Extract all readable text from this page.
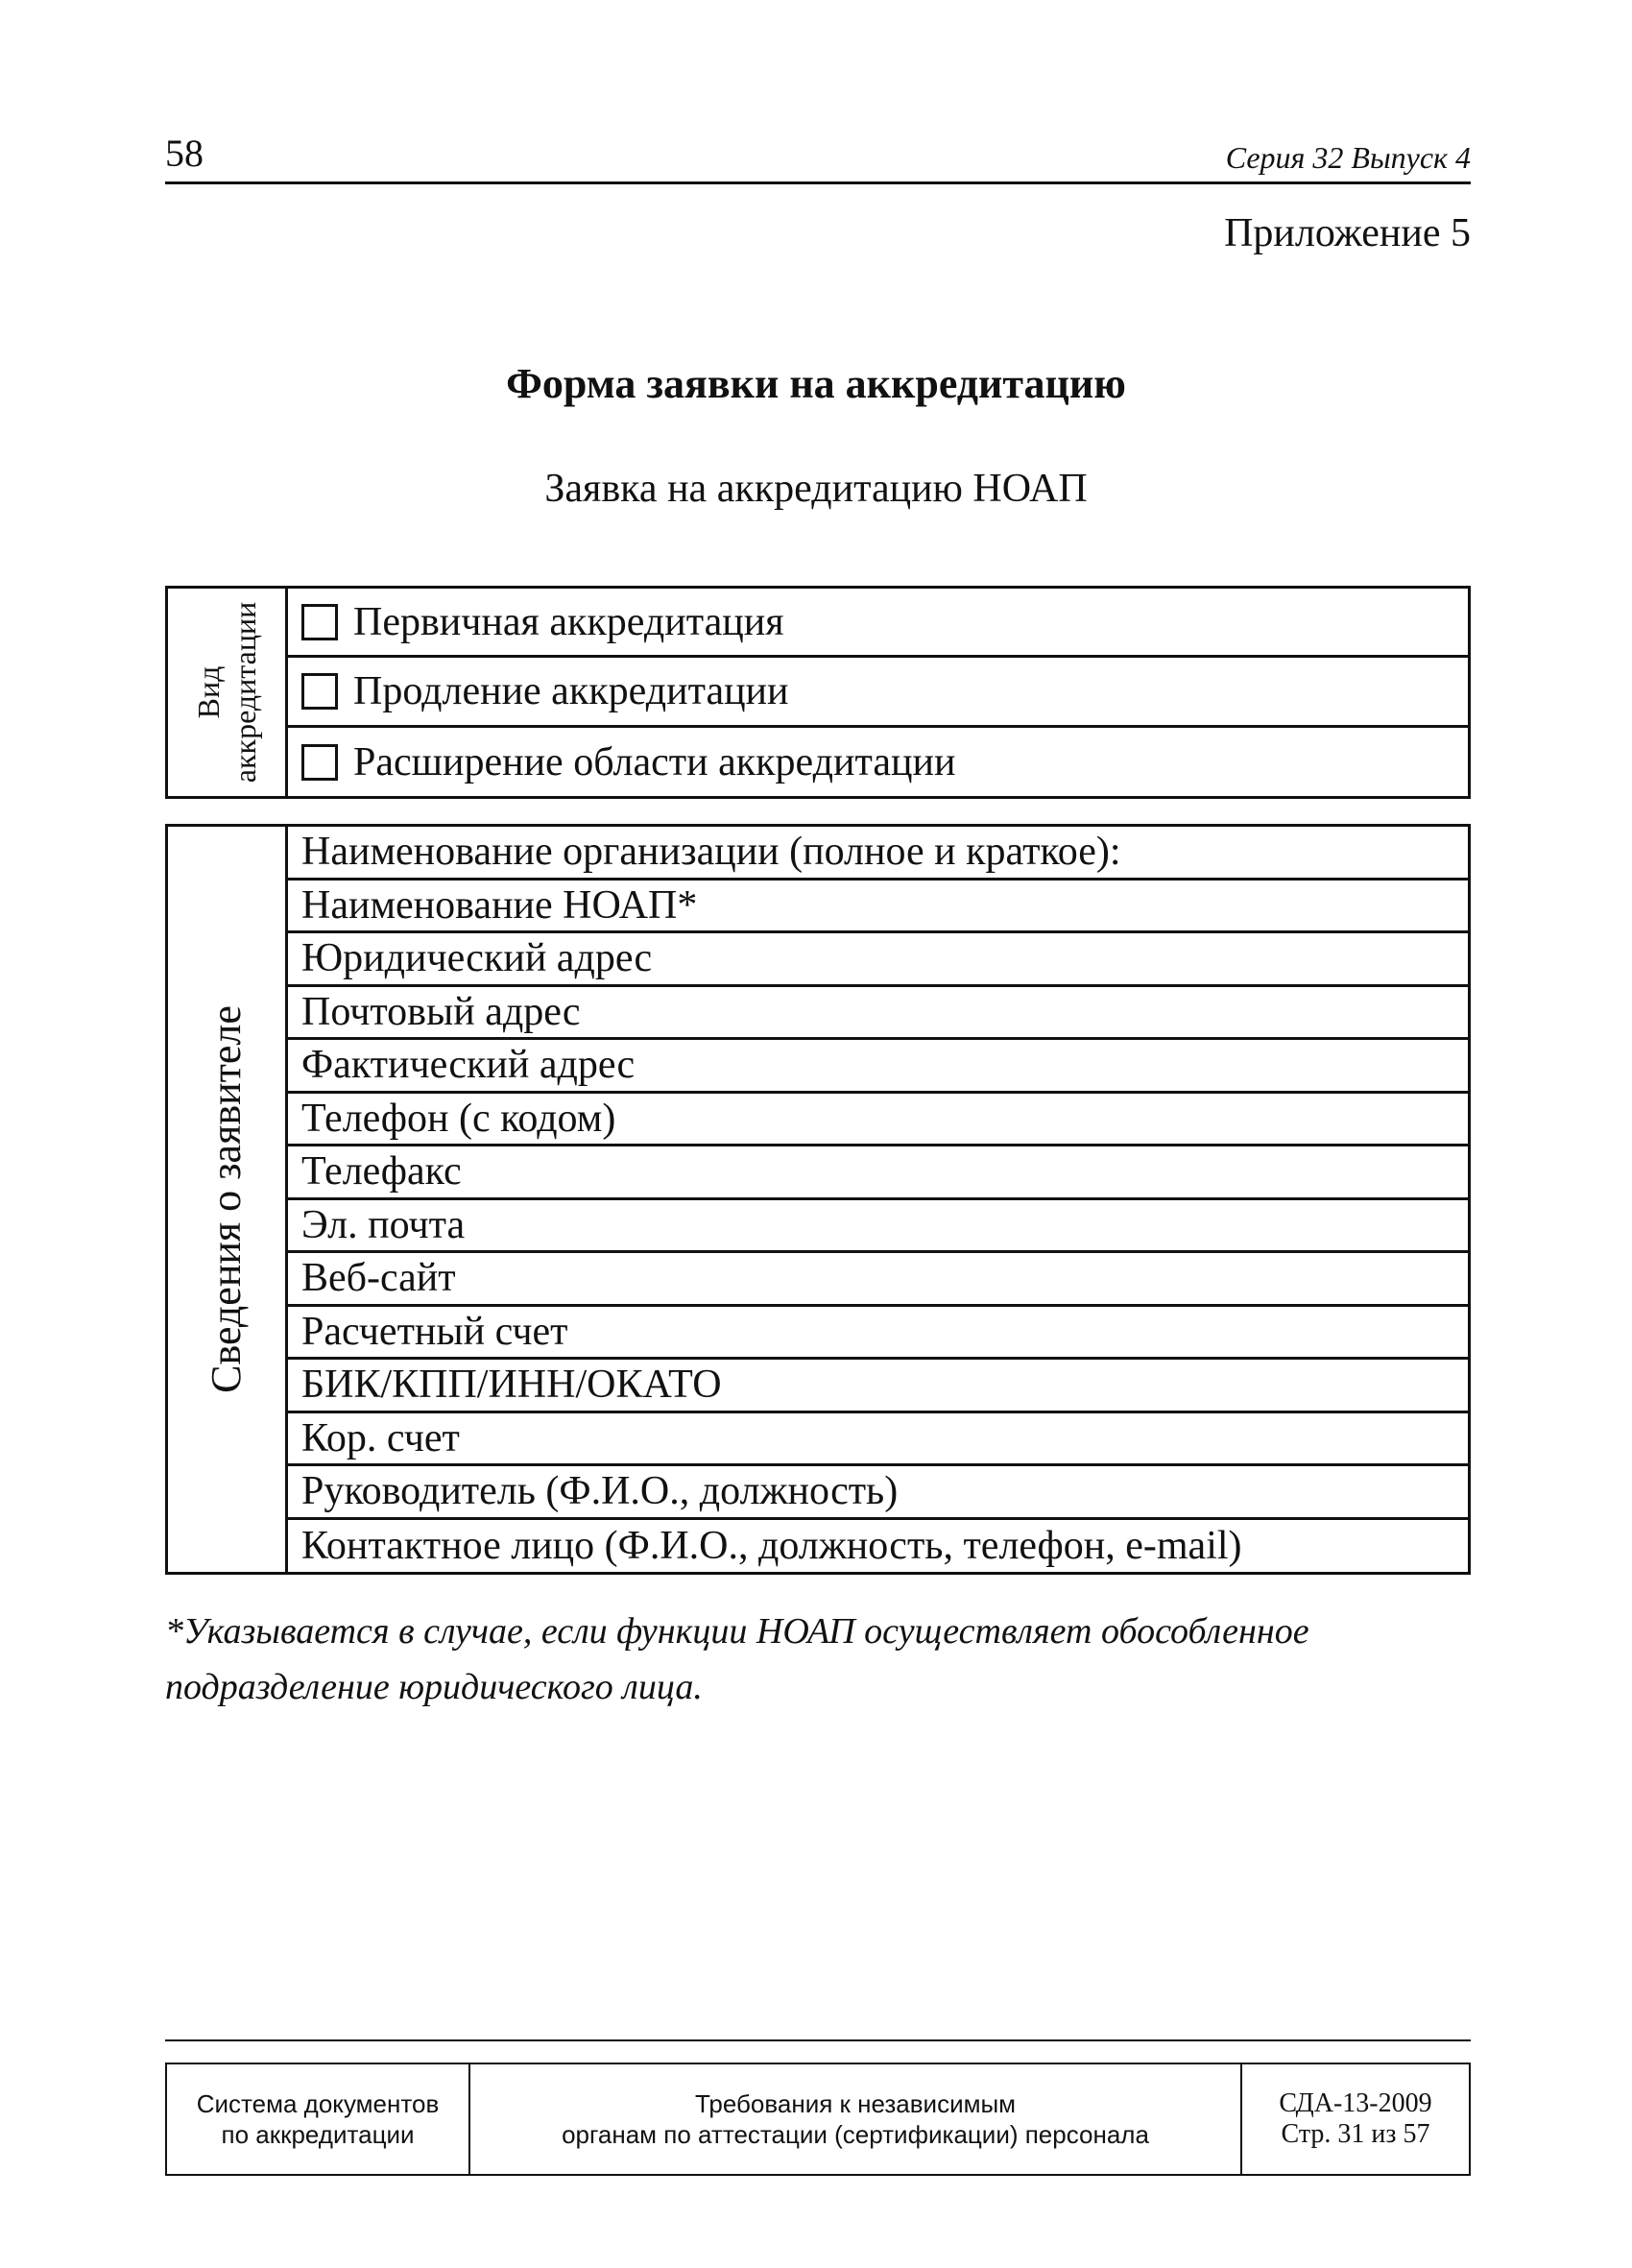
58	Серия 32 Выпуск 4
Приложение 5
Форма заявки на аккредитацию
Заявка на аккредитацию НОАП
Вид аккредитации Первичная аккредитация
Продление аккредитации
Расширение области аккредитации
Сведения о заявителе
Наименование организации (полное и краткое):
Наименование НОАП*
Юридический адрес
Почтовый адрес
Фактический адрес
Телефон (с кодом)
Телефакс
Эл. почта
Веб-сайт
Расчетный счет
БИК/КПП/ИНН/ОКАТО
Кор. счет
Руководитель (Ф.И.О., должность)
Контактное лицо (Ф.И.О., должность, телефон, e-mail)
*Указывается в случае, если функции НОАП осуществляет обособленное
подразделение юридического лица.
Система документов
по аккредитации
Требования к независимым
органам по аттестации (сертификации) персонала
СДА-13-2009
Стр. 31 из 57
